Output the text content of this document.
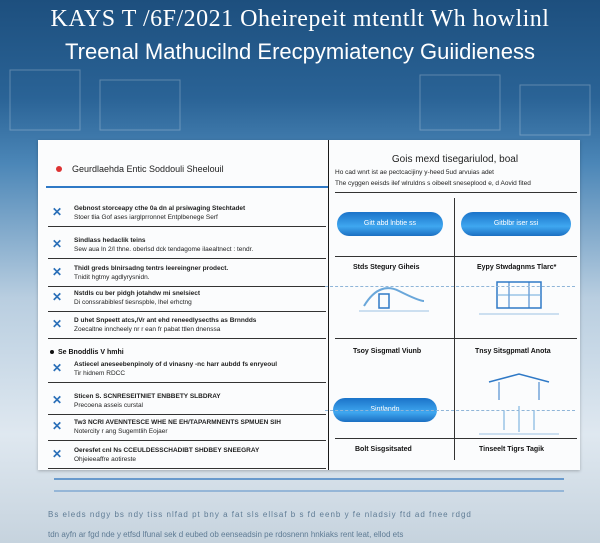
KAYS T /6F/2021 Oheirepeit mtentlt Wh howlinl
Treenal Mathucilnd Erecpymiatency Guiidieness
Geurdlaehda Entic Soddouli Sheelouil
✕ Gebnost storceapy cthe 0a dn al prsiwaging Stechtadet
Stoer tlia Gof ases iarglprronnet Entplbenege Serf
✕ Sindlass hedaclik teins
Sew aua ln 2/l thne. oberlsd dck tendagome ilaealtnect : tendr.
✕ Thidl greds blnirsadng tentrs leereingner prodect.
Tnidit hgtmy agdlyrysnidn.
✕ Nstdls cu ber pidgh jotahdw mi snelsiect
Di conssrabiblesf tiesnspble, lhel erhctng
✕ D uhet Snpeett atcs,/Vr ant ehd reneedlysecths as Brnndds
Zoecaltne inncheely nr r ean fr pabat ttlen dnenssa
Se Bnoddlis V hmhi
✕ Astiecel aneseebenpinoly of d vinasny -nc harr aubdd fs enryeoul
Tir hidnem RDCC
✕ Sticen S. SCNRESEITNIET ENBBETY SLBDRAY
Precoena asseis curstal
✕ Tw3 NCRI AVENNTESCE WHE NE EH/TAPARMNENTS SPMUEN SIH
Notercity r ang Sugemtlih Eojaer
✕ Oeresfet cnl Ns CCEULDESSCHADIBT SHDBEY SNEEGRAY
Ohjeieeaffre aotireste
Gois mexd tisegariulod, boal
Ho cad wnrt ist ae pectcacijiny y-heed 5ud arvuias adet
The cyggen eeisds ilef wlruldns s oibeelt sneseplood e, d Aovid fited
Gitt abd lnbtie ss	Gitblbr iser ssi
Stds Stegury Giheis	Eypy Stwdagnms Tlarc*
Tsoy Sisgmatl Viunb	Tnsy Sitsgpmatl Anota
Sintlandn
Bolt Sisgsitsated	Tinseelt Tigrs Tagik
Bs eleds ndgy bs ndy tiss nlfad pt bny a fat sls ellsaf b s fd eenb y fe nladsiy ftd ad fnee rdgd
tdn ayfn ar fgd nde y etfsd lfunal sek d eubed ob eenseadsin pe rdosnenn hnkiaks rent leat, ellod ets
